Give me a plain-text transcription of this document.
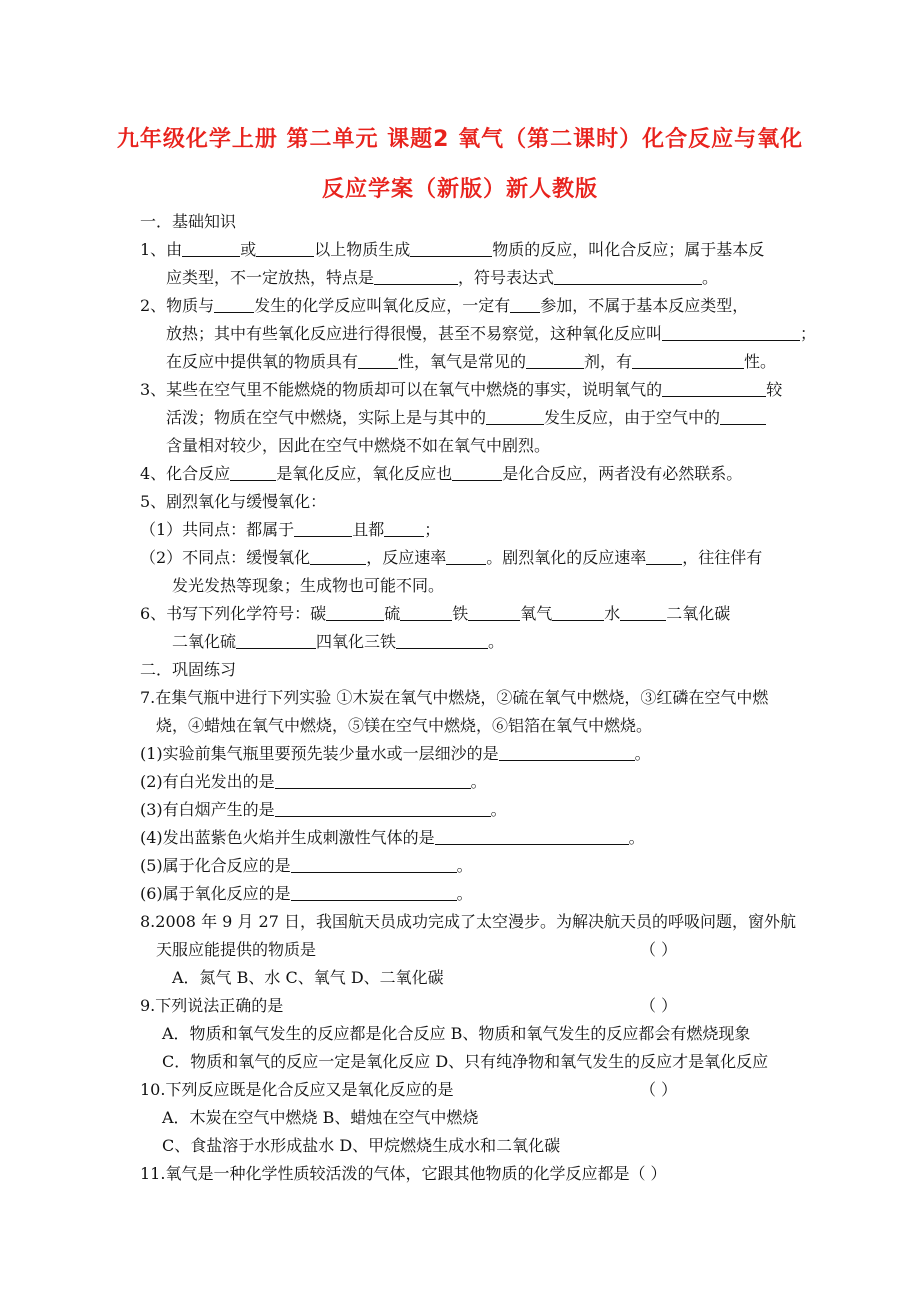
九年级化学上册 第二单元 课题2 氧气（第二课时）化合反应与氧化
反应学案（新版）新人教版
一．基础知识
1、由	或	以上物质生成	物质的反应，叫化合反应；属于基本反
应类型，不一定放热，特点是	，符号表达式	。
2、物质与	发生的化学反应叫氧化反应，一定有 参加，不属于基本反应类型，
放热；其中有些氧化反应进行得很慢，甚至不易察觉，这种氧化反应叫	；
在反应中提供氧的物质具有	性，氧气是常见的	剂，有	性。
3、某些在空气里不能燃烧的物质却可以在氧气中燃烧的事实，说明氧气的	较
活泼；物质在空气中燃烧，实际上是与其中的	发生反应，由于空气中的
含量相对较少，因此在空气中燃烧不如在氧气中剧烈。
4、化合反应	是氧化反应，氧化反应也	是化合反应，两者没有必然联系。
5、剧烈氧化与缓慢氧化：
（1）共同点：都属于	且都	；
（2）不同点：缓慢氧化	，反应速率	。剧烈氧化的反应速率 ，往往伴有
发光发热等现象；生成物也可能不同。
6、书写下列化学符号：碳	硫	铁	氧气	水	二氧化碳
二氧化硫	四氧化三铁	。
二．巩固练习
7.在集气瓶中进行下列实验 ①木炭在氧气中燃烧，②硫在氧气中燃烧，③红磷在空气中燃
烧，④蜡烛在氧气中燃烧，⑤镁在空气中燃烧，⑥铝箔在氧气中燃烧。
(1)实验前集气瓶里要预先装少量水或一层细沙的是	。
(2)有白光发出的是	。
(3)有白烟产生的是	。
(4)发出蓝紫色火焰并生成刺激性气体的是	。
(5)属于化合反应的是	。
(6)属于氧化反应的是	。
8.2008 年 9 月 27 日，我国航天员成功完成了太空漫步。为解决航天员的呼吸问题，窗外航
天服应能提供的物质是	（ ）
A．氮气 B、水 C、氧气 D、二氧化碳
9.下列说法正确的是	（ ）
A．物质和氧气发生的反应都是化合反应 B、物质和氧气发生的反应都会有燃烧现象
C．物质和氧气的反应一定是氧化反应 D、只有纯净物和氧气发生的反应才是氧化反应
10.下列反应既是化合反应又是氧化反应的是	（ ）
A．木炭在空气中燃烧 B、蜡烛在空气中燃烧
C、食盐溶于水形成盐水 D、甲烷燃烧生成水和二氧化碳
11.氧气是一种化学性质较活泼的气体，它跟其他物质的化学反应都是（ ）
